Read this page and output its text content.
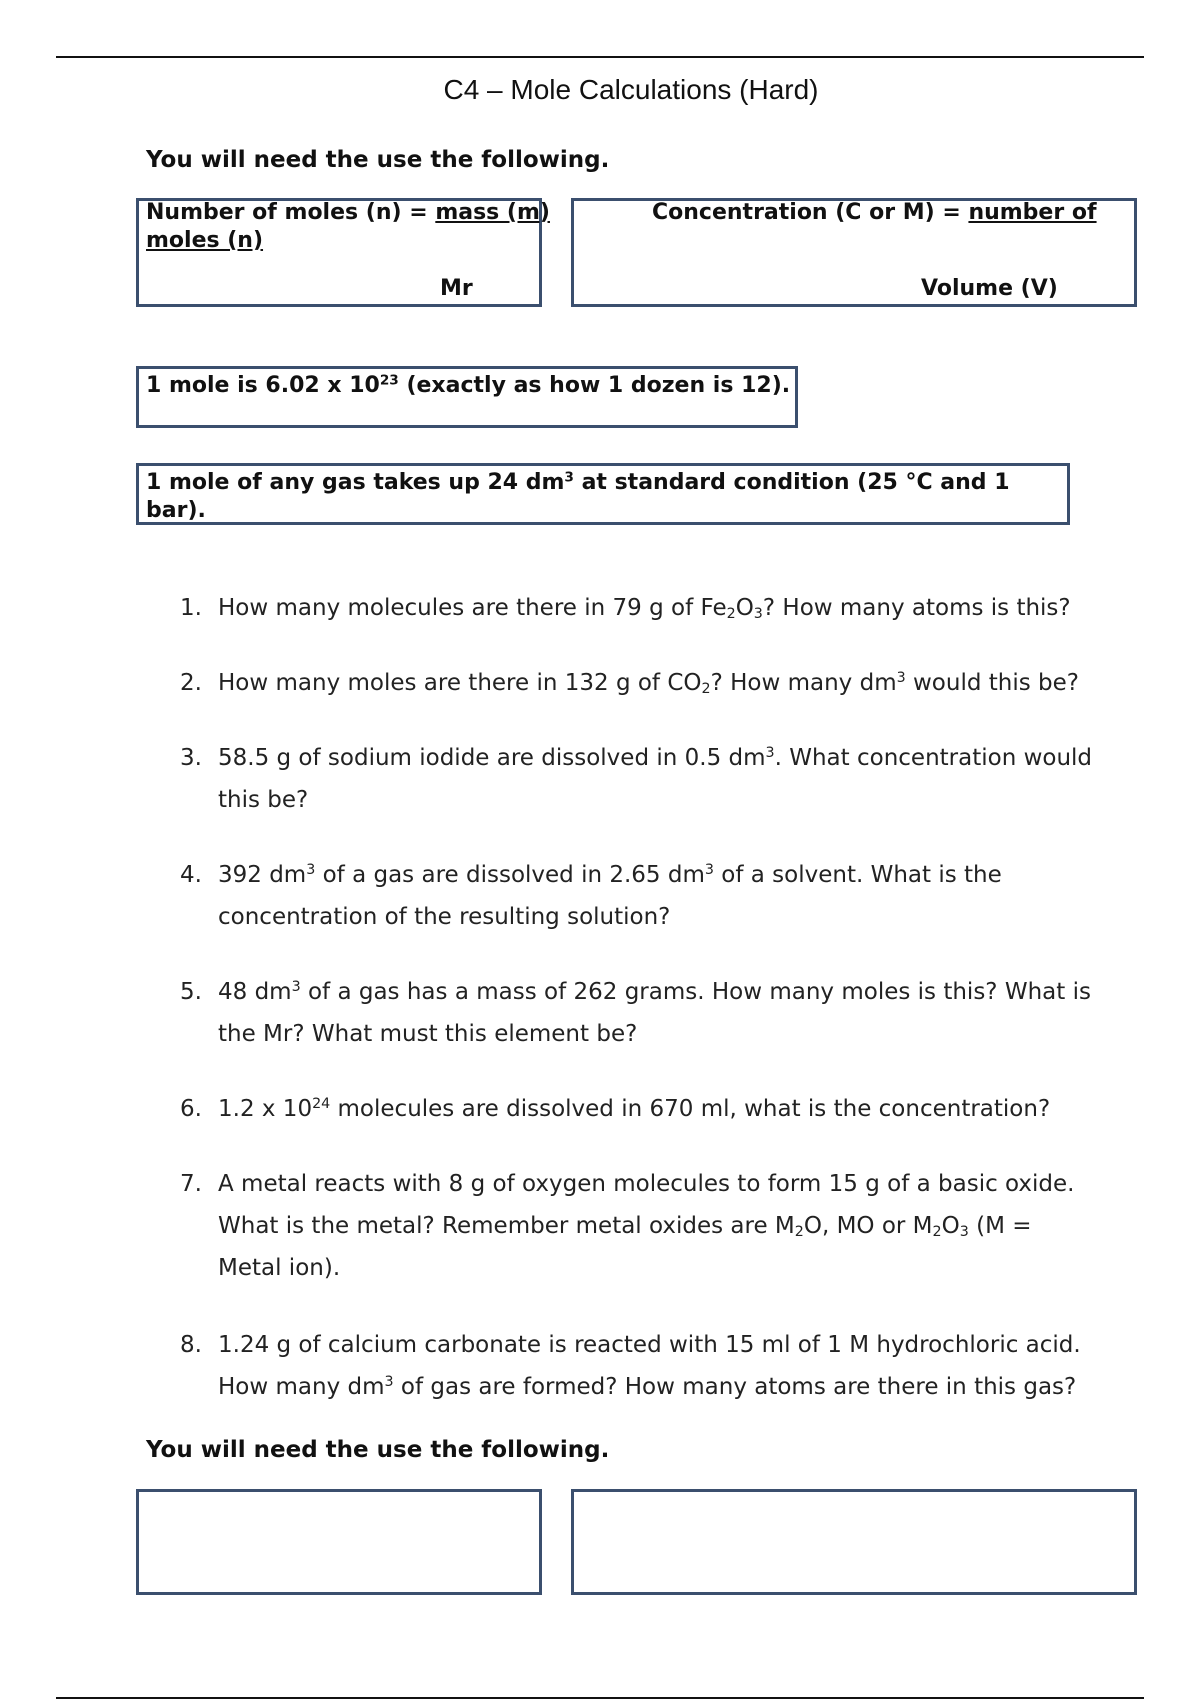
C4 – Mole Calculations (Hard)
You will need the use the following.
Number of moles (n) = mass (m)
moles (n)
Mr
Concentration (C or M) = number of
Volume (V)
1 mole is 6.02 x $10^{23}$ (exactly as how 1 dozen is 12).
1 mole of any gas takes up 24 $dm^3$ at standard condition (25 °C and 1
bar).
1. How many molecules are there in 79 g of $Fe_2O_3$? How many atoms is this?
2. How many moles are there in 132 g of $CO_2$? How many $dm^3$ would this be?
3. 58.5 g of sodium iodide are dissolved in 0.5 $dm^3$. What concentration would
this be?
4. 392 $dm^3$ of a gas are dissolved in 2.65 $dm^3$ of a solvent. What is the
concentration of the resulting solution?
5. 48 $dm^3$ of a gas has a mass of 262 grams. How many moles is this? What is
the Mr? What must this element be?
6. 1.2 x $10^{24}$ molecules are dissolved in 670 ml, what is the concentration?
7. A metal reacts with 8 g of oxygen molecules to form 15 g of a basic oxide.
What is the metal? Remember metal oxides are $M_2O$, MO or $M_2O_3$ (M =
Metal ion).
8. 1.24 g of calcium carbonate is reacted with 15 ml of 1 M hydrochloric acid.
How many $dm^3$ of gas are formed? How many atoms are there in this gas?
You will need the use the following.
